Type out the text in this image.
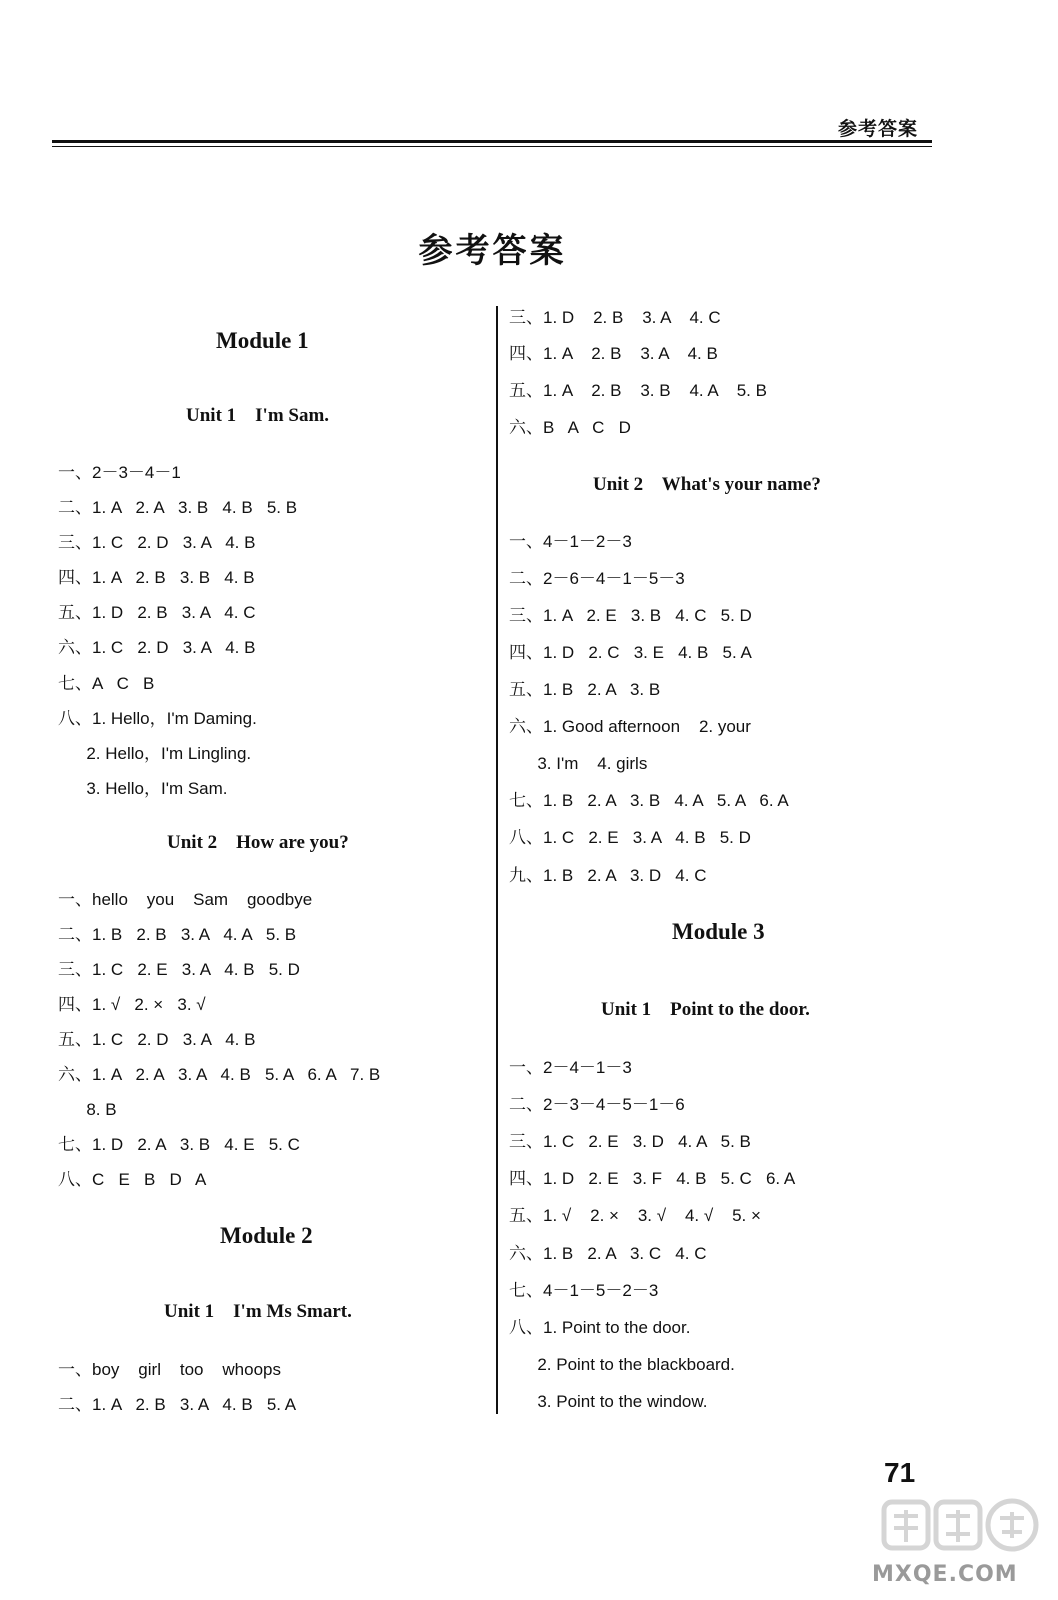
参考答案
参考答案
Module 1
Unit 1    I'm Sam.
一、2－3－4－1
二、1. A   2. A   3. B   4. B   5. B
三、1. C   2. D   3. A   4. B
四、1. A   2. B   3. B   4. B
五、1. D   2. B   3. A   4. C
六、1. C   2. D   3. A   4. B
七、A   C   B
八、1. Hello，I'm Daming.
2. Hello，I'm Lingling.
3. Hello，I'm Sam.
Unit 2    How are you?
一、hello    you    Sam    goodbye
二、1. B   2. B   3. A   4. A   5. B
三、1. C   2. E   3. A   4. B   5. D
四、1. √   2. ×   3. √
五、1. C   2. D   3. A   4. B
六、1. A   2. A   3. A   4. B   5. A   6. A   7. B
8. B
七、1. D   2. A   3. B   4. E   5. C
八、C   E   B   D   A
Module 2
Unit 1    I'm Ms Smart.
一、boy    girl    too    whoops
二、1. A   2. B   3. A   4. B   5. A
三、1. D    2. B    3. A    4. C
四、1. A    2. B    3. A    4. B
五、1. A    2. B    3. B    4. A    5. B
六、B   A   C   D
Unit 2    What's your name?
一、4－1－2－3
二、2－6－4－1－5－3
三、1. A   2. E   3. B   4. C   5. D
四、1. D   2. C   3. E   4. B   5. A
五、1. B   2. A   3. B
六、1. Good afternoon    2. your
3. I'm    4. girls
七、1. B   2. A   3. B   4. A   5. A   6. A
八、1. C   2. E   3. A   4. B   5. D
九、1. B   2. A   3. D   4. C
Module 3
Unit 1    Point to the door.
一、2－4－1－3
二、2－3－4－5－1－6
三、1. C   2. E   3. D   4. A   5. B
四、1. D   2. E   3. F   4. B   5. C   6. A
五、1. √    2. ×    3. √    4. √    5. ×
六、1. B   2. A   3. C   4. C
七、4－1－5－2－3
八、1. Point to the door.
2. Point to the blackboard.
3. Point to the window.
71
MXQE.COM
